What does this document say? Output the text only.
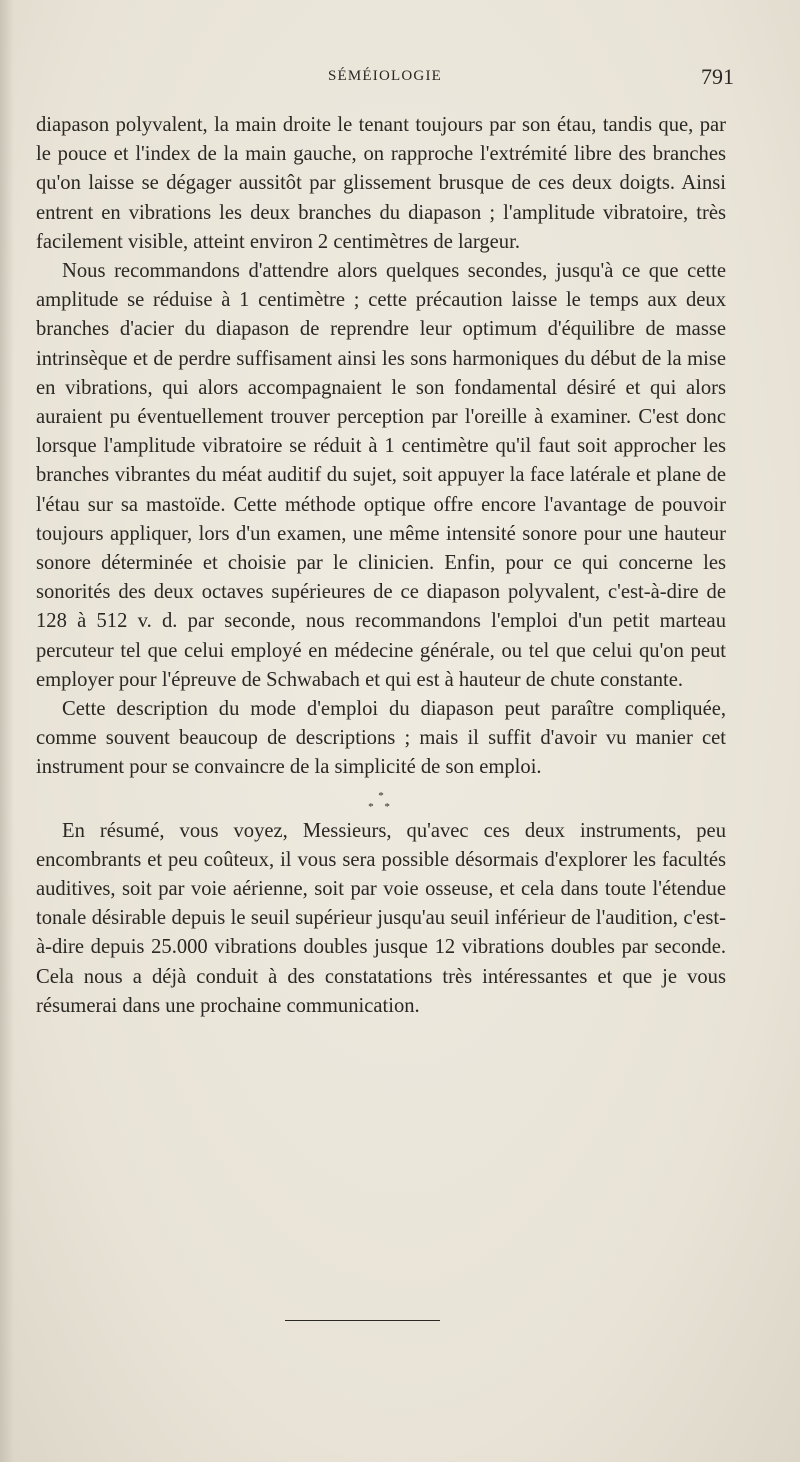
SÉMÉIOLOGIE	791

diapason polyvalent, la main droite le tenant toujours par son étau, tandis que, par le pouce et l'index de la main gauche, on rapproche l'extrémité libre des branches qu'on laisse se dégager aussitôt par glissement brusque de ces deux doigts. Ainsi entrent en vibrations les deux branches du diapason ; l'amplitude vibratoire, très facilement visible, atteint environ 2 centimètres de largeur.

Nous recommandons d'attendre alors quelques secondes, jusqu'à ce que cette amplitude se réduise à 1 centimètre ; cette précaution laisse le temps aux deux branches d'acier du diapason de reprendre leur optimum d'équilibre de masse intrinsèque et de perdre suffisament ainsi les sons harmoniques du début de la mise en vibrations, qui alors accompagnaient le son fondamental désiré et qui alors auraient pu éventuellement trouver perception par l'oreille à examiner. C'est donc lorsque l'amplitude vibratoire se réduit à 1 centimètre qu'il faut soit approcher les branches vibrantes du méat auditif du sujet, soit appuyer la face latérale et plane de l'étau sur sa mastoïde. Cette méthode optique offre encore l'avantage de pouvoir toujours appliquer, lors d'un examen, une même intensité sonore pour une hauteur sonore déterminée et choisie par le clinicien. Enfin, pour ce qui concerne les sonorités des deux octaves supérieures de ce diapason polyvalent, c'est-à-dire de 128 à 512 v. d. par seconde, nous recommandons l'emploi d'un petit marteau percuteur tel que celui employé en médecine générale, ou tel que celui qu'on peut employer pour l'épreuve de Schwabach et qui est à hauteur de chute constante.

Cette description du mode d'emploi du diapason peut paraître compliquée, comme souvent beaucoup de descriptions ; mais il suffit d'avoir vu manier cet instrument pour se convaincre de la simplicité de son emploi.

*
* *

En résumé, vous voyez, Messieurs, qu'avec ces deux instruments, peu encombrants et peu coûteux, il vous sera possible désormais d'explorer les facultés auditives, soit par voie aérienne, soit par voie osseuse, et cela dans toute l'étendue tonale désirable depuis le seuil supérieur jusqu'au seuil inférieur de l'audition, c'est-à-dire depuis 25.000 vibrations doubles jusque 12 vibrations doubles par seconde. Cela nous a déjà conduit à des constatations très intéressantes et que je vous résumerai dans une prochaine communication.
